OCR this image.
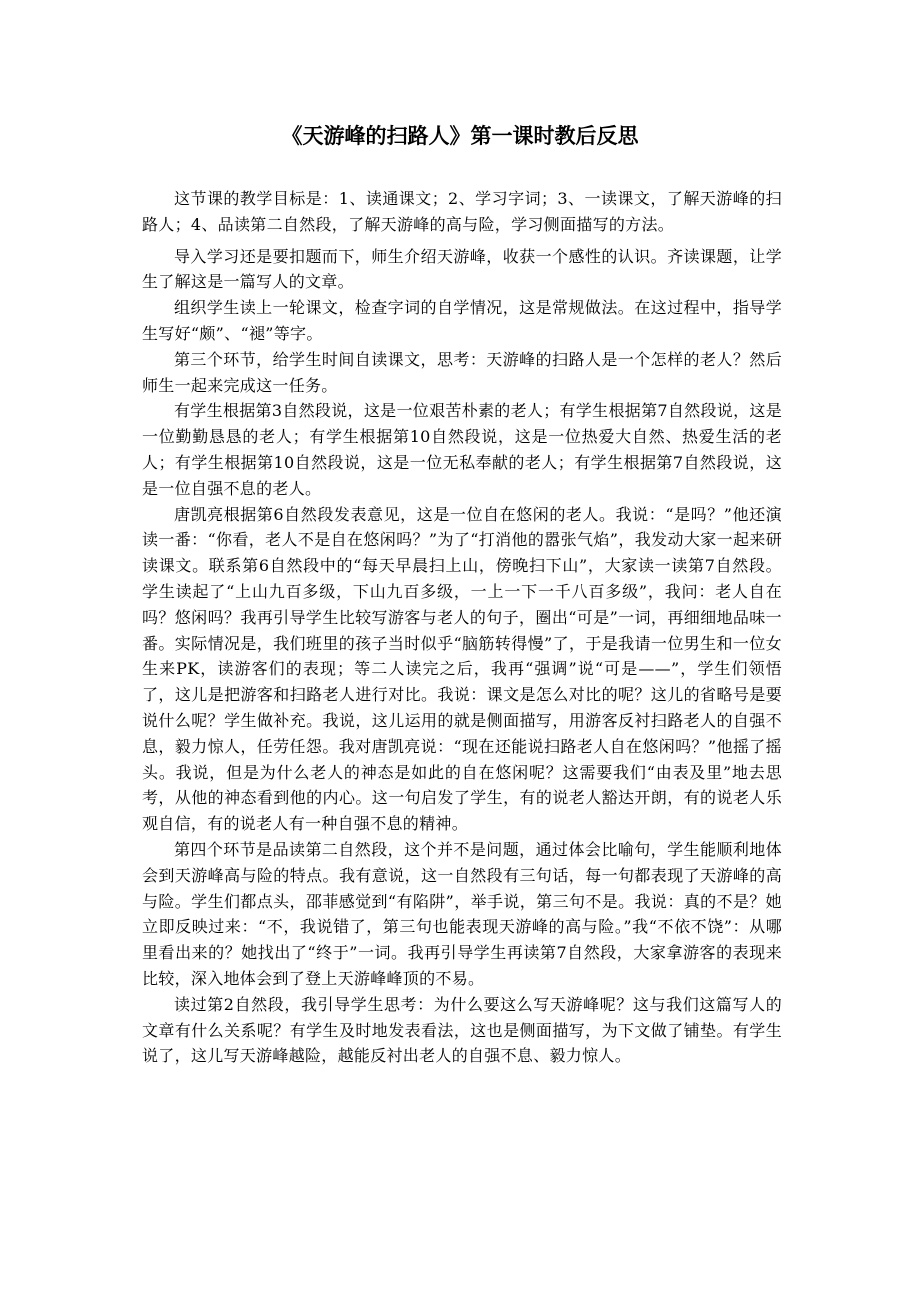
《天游峰的扫路人》第一课时教后反思

这节课的教学目标是：1、读通课文；2、学习字词；3、一读课文，了解天游峰的扫路人；4、品读第二自然段，了解天游峰的高与险，学习侧面描写的方法。

导入学习还是要扣题而下，师生介绍天游峰，收获一个感性的认识。齐读课题，让学生了解这是一篇写人的文章。

组织学生读上一轮课文，检查字词的自学情况，这是常规做法。在这过程中，指导学生写好“颇”、“褪”等字。

第三个环节，给学生时间自读课文，思考：天游峰的扫路人是一个怎样的老人？然后师生一起来完成这一任务。

有学生根据第3自然段说，这是一位艰苦朴素的老人；有学生根据第7自然段说，这是一位勤勤恳恳的老人；有学生根据第10自然段说，这是一位热爱大自然、热爱生活的老人；有学生根据第10自然段说，这是一位无私奉献的老人；有学生根据第7自然段说，这是一位自强不息的老人。

唐凯亮根据第6自然段发表意见，这是一位自在悠闲的老人。我说：“是吗？”他还演读一番：“你看，老人不是自在悠闲吗？”为了“打消他的嚣张气焰”，我发动大家一起来研读课文。联系第6自然段中的“每天早晨扫上山，傍晚扫下山”，大家读一读第7自然段。学生读起了“上山九百多级，下山九百多级，一上一下一千八百多级”，我问：老人自在吗？悠闲吗？我再引导学生比较写游客与老人的句子，圈出“可是”一词，再细细地品味一番。实际情况是，我们班里的孩子当时似乎“脑筋转得慢”了，于是我请一位男生和一位女生来PK，读游客们的表现；等二人读完之后，我再“强调”说“可是——”，学生们领悟了，这儿是把游客和扫路老人进行对比。我说：课文是怎么对比的呢？这儿的省略号是要说什么呢？学生做补充。我说，这儿运用的就是侧面描写，用游客反衬扫路老人的自强不息，毅力惊人，任劳任怨。我对唐凯亮说：“现在还能说扫路老人自在悠闲吗？”他摇了摇头。我说，但是为什么老人的神态是如此的自在悠闲呢？这需要我们“由表及里”地去思考，从他的神态看到他的内心。这一句启发了学生，有的说老人豁达开朗，有的说老人乐观自信，有的说老人有一种自强不息的精神。

第四个环节是品读第二自然段，这个并不是问题，通过体会比喻句，学生能顺利地体会到天游峰高与险的特点。我有意说，这一自然段有三句话，每一句都表现了天游峰的高与险。学生们都点头，邵菲感觉到“有陷阱”，举手说，第三句不是。我说：真的不是？她立即反映过来：“不，我说错了，第三句也能表现天游峰的高与险。”我“不依不饶”：从哪里看出来的？她找出了“终于”一词。我再引导学生再读第7自然段，大家拿游客的表现来比较，深入地体会到了登上天游峰峰顶的不易。

读过第2自然段，我引导学生思考：为什么要这么写天游峰呢？这与我们这篇写人的文章有什么关系呢？有学生及时地发表看法，这也是侧面描写，为下文做了铺垫。有学生说了，这儿写天游峰越险，越能反衬出老人的自强不息、毅力惊人。
